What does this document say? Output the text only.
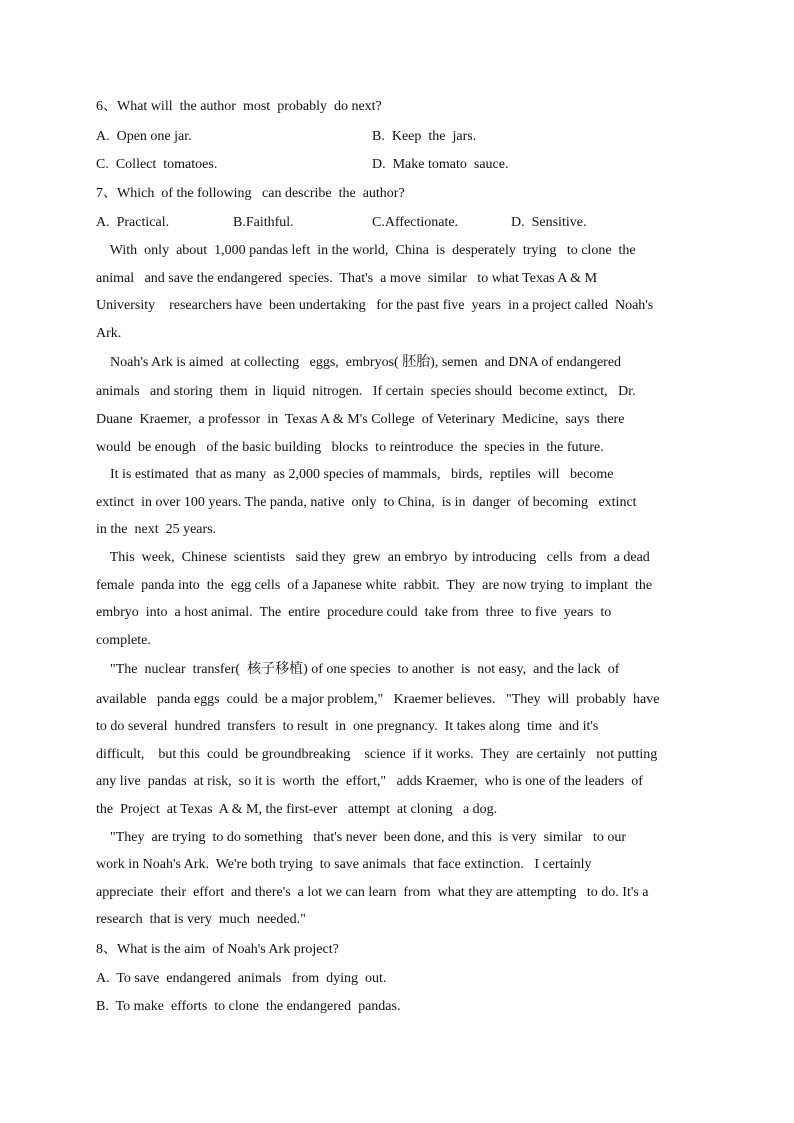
6、What will  the author  most  probably  do next?

A.  Open one jar.

	B.  Keep  the  jars.

C.  Collect  tomatoes.

	D.  Make tomato  sauce.

7、Which  of the following   can describe  the  author?

A.  Practical.

	B.Faithful.

	C.Affectionate.

	D.  Sensitive.

With  only  about  1,000 pandas left  in the world,  China  is  desperately  trying   to clone  the
animal   and save the endangered  species.  That's  a move  similar   to what Texas A & M
University    researchers have  been undertaking   for the past five  years  in a project called  Noah's
Ark.
Noah's Ark is aimed  at collecting   eggs,  embryos( 胚胎), semen  and DNA of endangered
animals   and storing  them  in  liquid  nitrogen.   If certain  species should  become extinct,   Dr.
Duane  Kraemer,  a professor  in  Texas A & M's College  of Veterinary  Medicine,  says  there
would  be enough   of the basic building   blocks  to reintroduce  the  species in  the future.
It is estimated  that as many  as 2,000 species of mammals,   birds,  reptiles  will   become
extinct  in over 100 years. The panda, native  only  to China,  is in  danger  of becoming   extinct
in the  next  25 years.
This  week,  Chinese  scientists   said they  grew  an embryo  by introducing   cells  from  a dead
female  panda into  the  egg cells  of a Japanese white  rabbit.  They  are now trying  to implant  the
embryo  into  a host animal.  The  entire  procedure could  take from  three  to five  years  to
complete.
"The  nuclear  transfer(  核子移植) of one species  to another  is  not easy,  and the lack  of
available   panda eggs  could  be a major problem,"   Kraemer believes.   "They  will  probably  have
to do several  hundred  transfers  to result  in  one pregnancy.  It takes along  time  and it's
difficult,    but this  could  be groundbreaking    science  if it works.  They  are certainly   not putting
any live  pandas  at risk,  so it is  worth  the  effort,"   adds Kraemer,  who is one of the leaders  of
the  Project  at Texas  A & M, the first-ever   attempt  at cloning   a dog.
"They  are trying  to do something   that's never  been done, and this  is very  similar   to our
work in Noah's Ark.  We're both trying  to save animals  that face extinction.   I certainly
appreciate  their  effort  and there's  a lot we can learn  from  what they are attempting   to do. It's a
research  that is very  much  needed."
8、What is the aim  of Noah's Ark project?
A.  To save  endangered  animals   from  dying  out.
B.  To make  efforts  to clone  the endangered  pandas.
